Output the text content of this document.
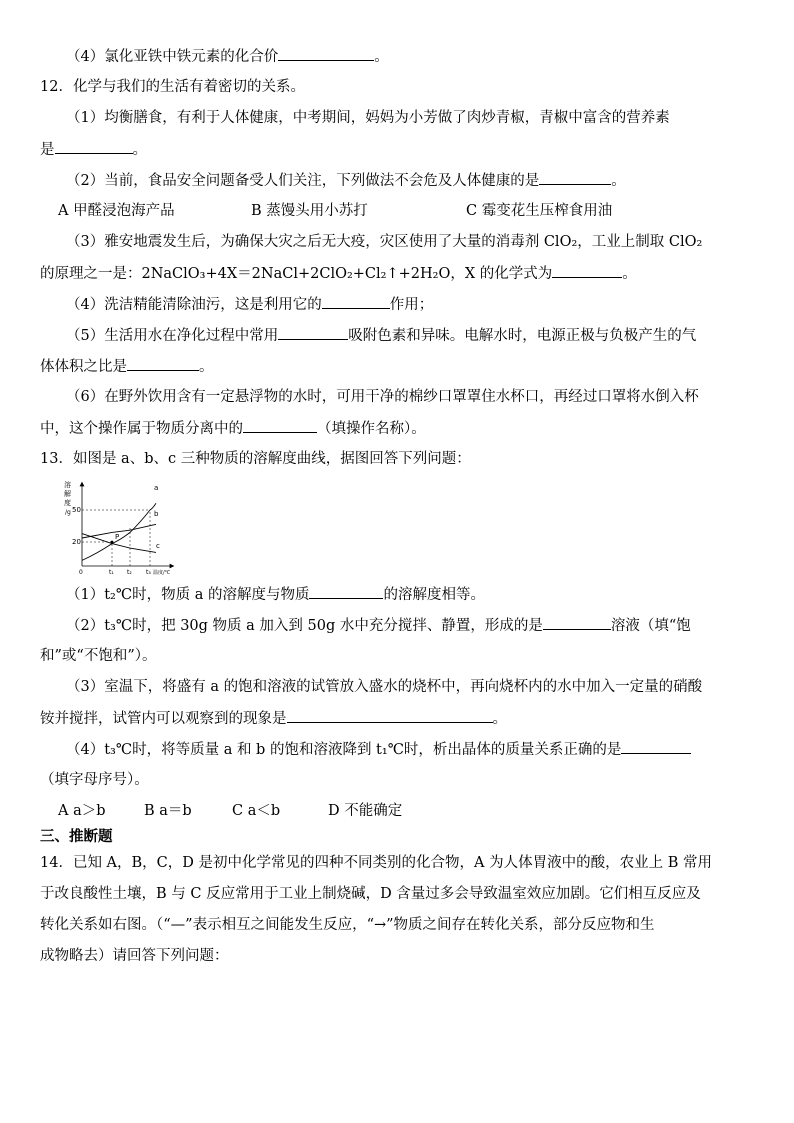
（4）氯化亚铁中铁元素的化合价	。
12．化学与我们的生活有着密切的关系。
（1）均衡膳食，有利于人体健康，中考期间，妈妈为小芳做了肉炒青椒，青椒中富含的营养素
是	。
（2）当前，食品安全问题备受人们关注，下列做法不会危及人体健康的是	。
A 甲醛浸泡海产品	B 蒸馒头用小苏打	C 霉变花生压榨食用油
（3）雅安地震发生后，为确保大灾之后无大疫，灾区使用了大量的消毒剂 ClO₂，工业上制取 ClO₂
的原理之一是：2NaClO₃+4X＝2NaCl+2ClO₂+Cl₂↑+2H₂O，X 的化学式为	。
（4）洗洁精能清除油污，这是利用它的	作用；
（5）生活用水在净化过程中常用	吸附色素和异味。电解水时，电源正极与负极产生的气
体体积之比是	。
（6）在野外饮用含有一定悬浮物的水时，可用干净的棉纱口罩罩住水杯口，再经过口罩将水倒入杯
中，这个操作属于物质分离中的	（填操作名称）。
13．如图是 a、b、c 三种物质的溶解度曲线，据图回答下列问题：
溶
解
度
/g 50
20
a
b
c
P
0	t₁ t₂ t₃ 温度/℃
（1）t₂℃时，物质 a 的溶解度与物质	的溶解度相等。
（2）t₃℃时，把 30g 物质 a 加入到 50g 水中充分搅拌、静置，形成的是	溶液（填“饱
和”或“不饱和”）。
（3）室温下，将盛有 a 的饱和溶液的试管放入盛水的烧杯中，再向烧杯内的水中加入一定量的硝酸
铵并搅拌，试管内可以观察到的现象是	。
（4）t₃℃时，将等质量 a 和 b 的饱和溶液降到 t₁℃时，析出晶体的质量关系正确的是
（填字母序号）。
A a＞b	B a＝b	C a＜b	D 不能确定
三、推断题
14．已知 A，B，C，D 是初中化学常见的四种不同类别的化合物，A 为人体胃液中的酸，农业上 B 常用
于改良酸性土壤，B 与 C 反应常用于工业上制烧碱，D 含量过多会导致温室效应加剧。它们相互反应及
转化关系如右图。（“—”表示相互之间能发生反应，“→”物质之间存在转化关系，部分反应物和生
成物略去）请回答下列问题：
